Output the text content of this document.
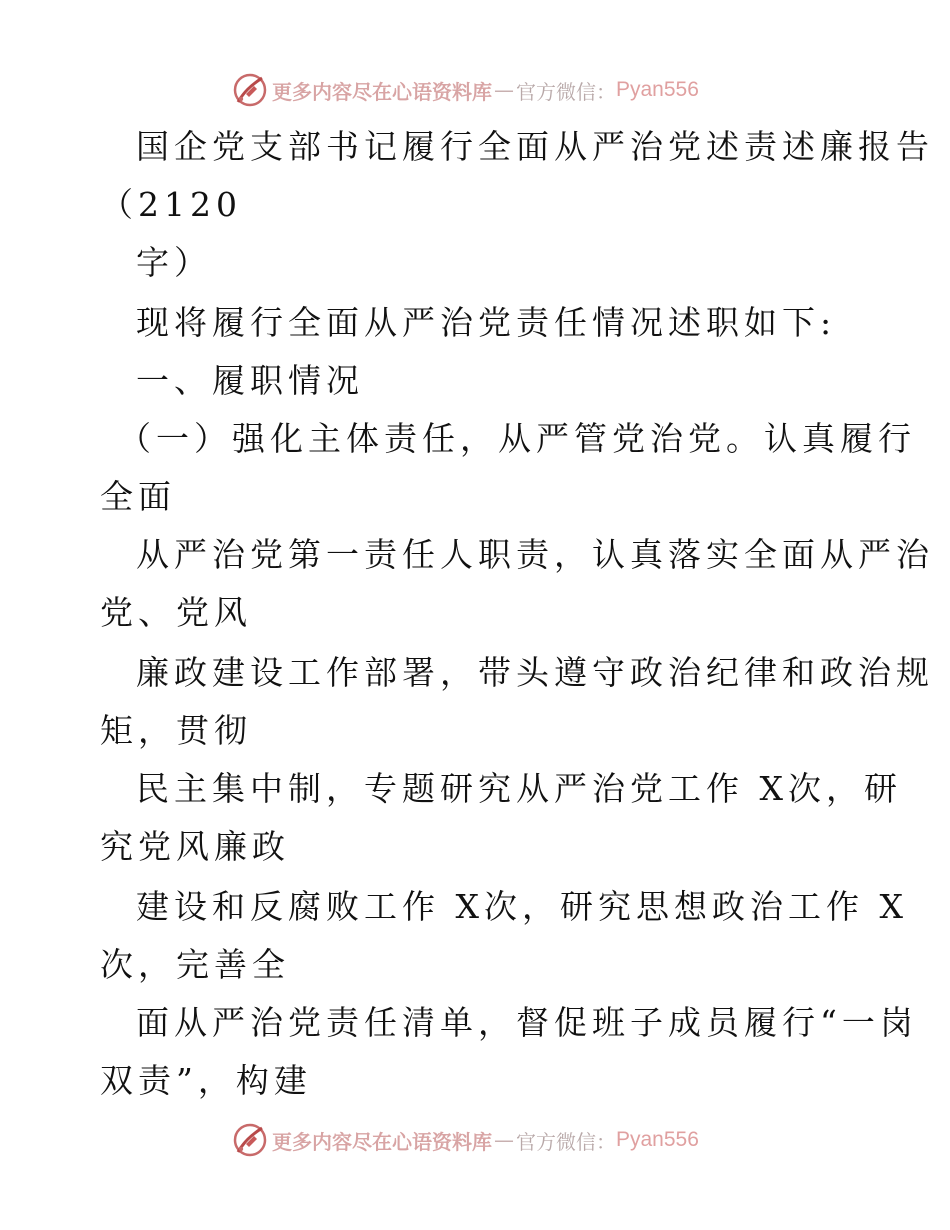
更多内容尽在心语资料库 — 官方微信： Pyan556
国企党支部书记履行全面从严治党述责述廉报告
（2120
字）
现将履行全面从严治党责任情况述职如下:
一、履职情况
（一）强化主体责任，从严管党治党。认真履行
全面
从严治党第一责任人职责，认真落实全面从严治
党、党风
廉政建设工作部署，带头遵守政治纪律和政治规
矩，贯彻
民主集中制，专题研究从严治党工作 X次，研
究党风廉政
建设和反腐败工作 X次，研究思想政治工作 X
次，完善全
面从严治党责任清单，督促班子成员履行“一岗
双责”，构建
更多内容尽在心语资料库 — 官方微信： Pyan556
